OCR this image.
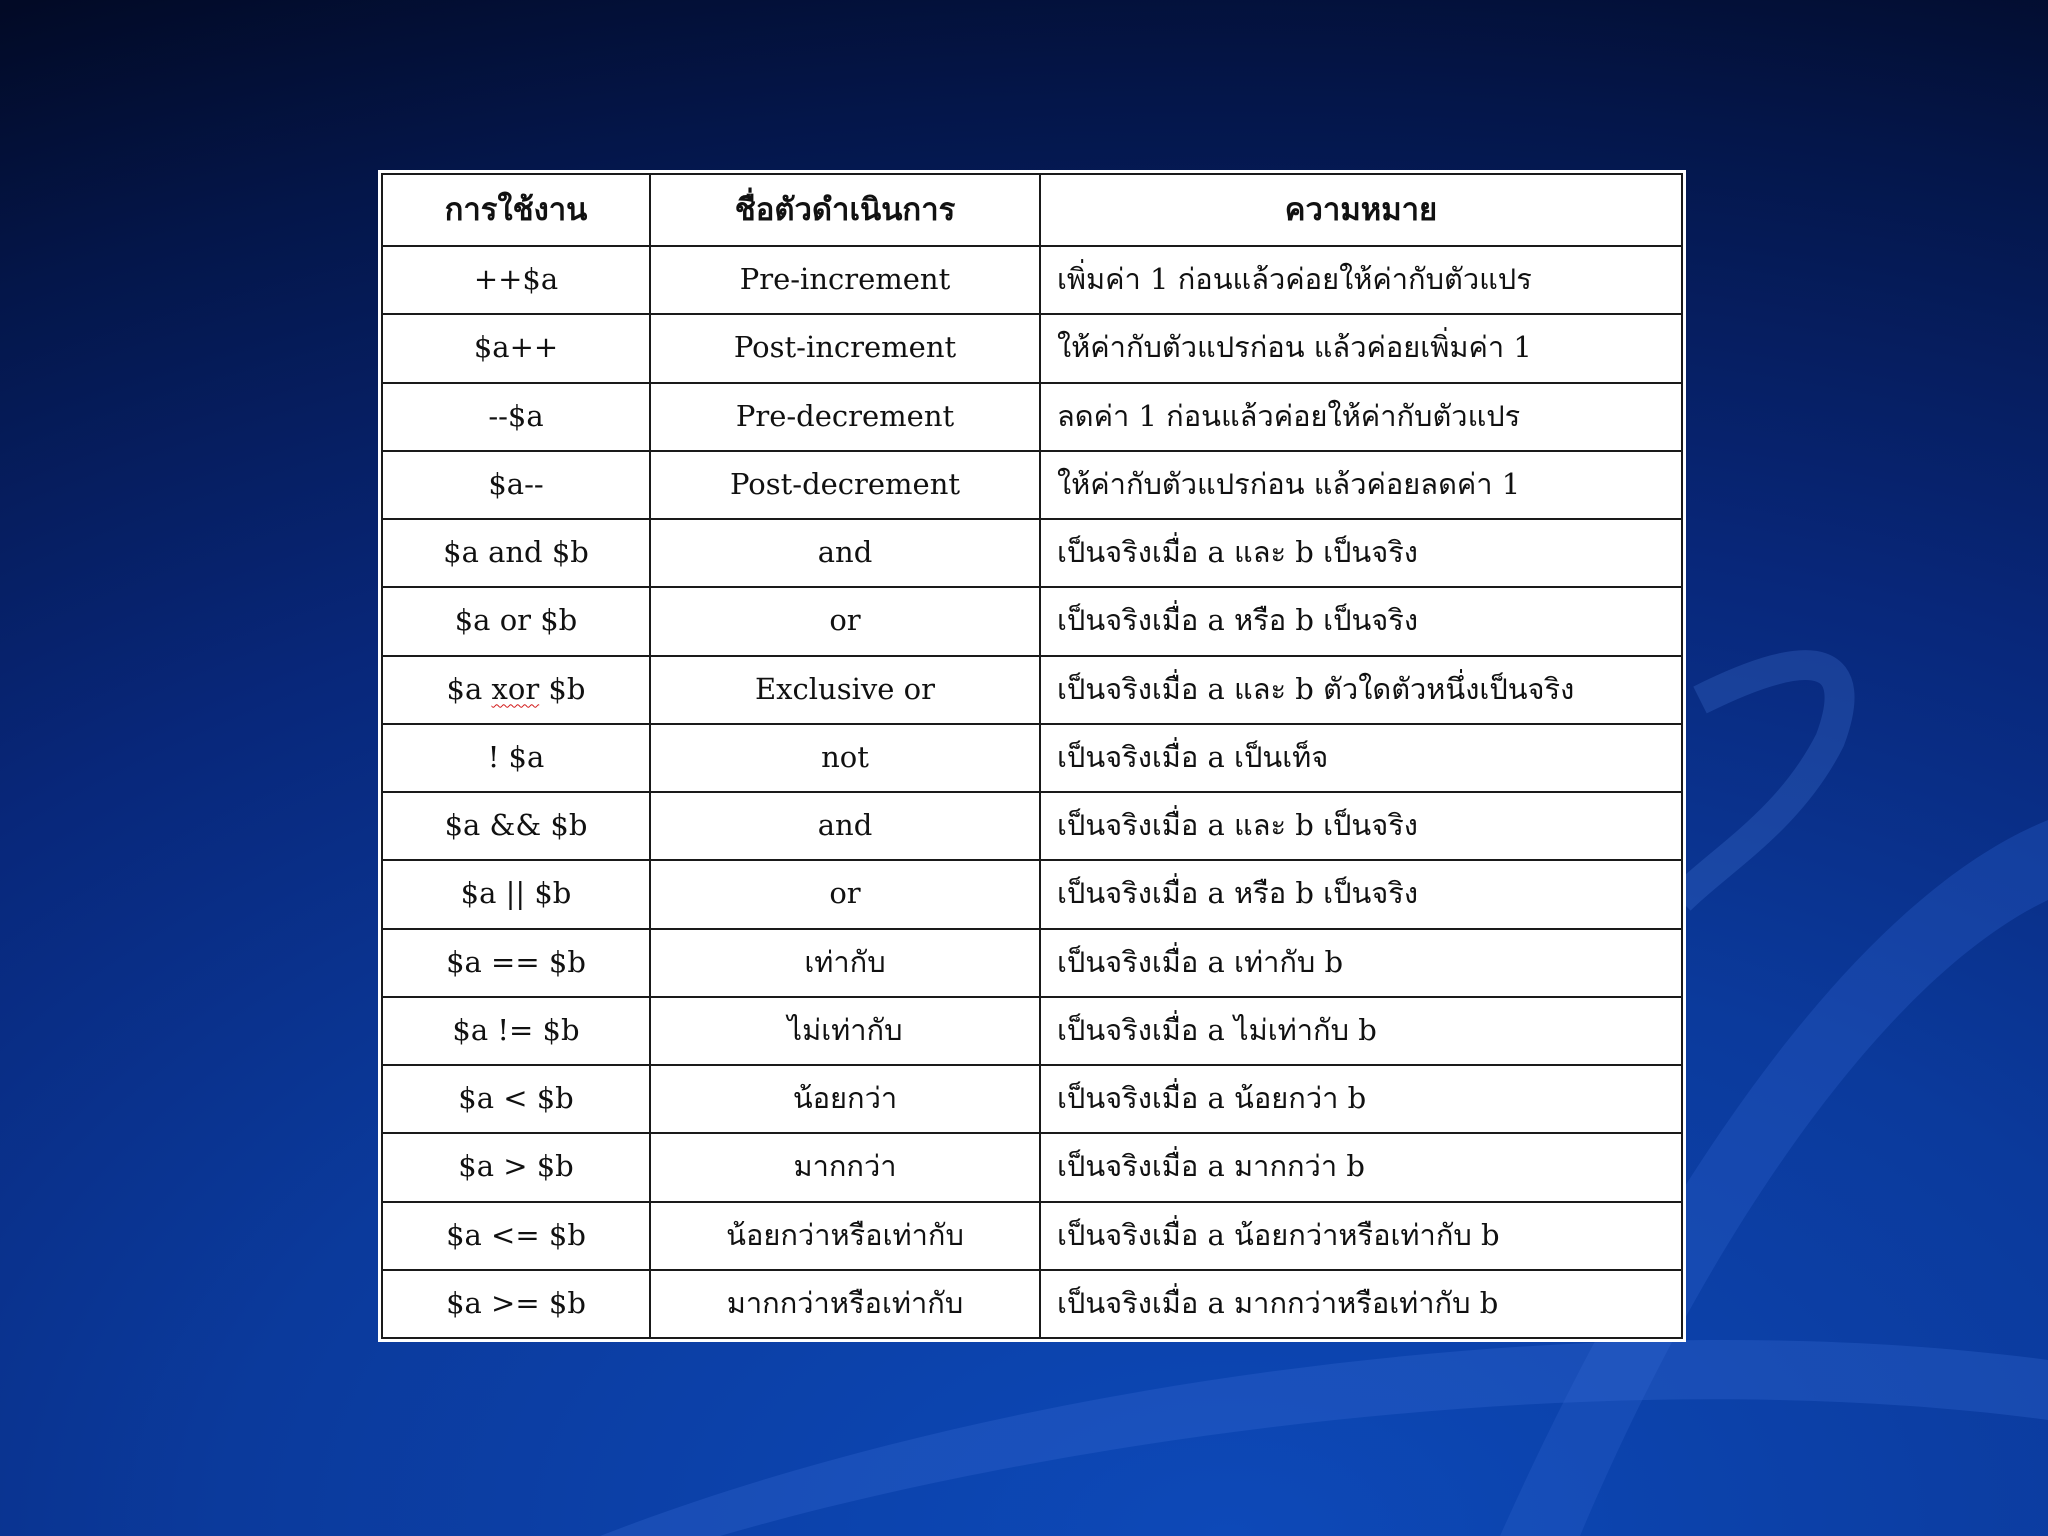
การใช้งาน	ชื่อตัวดำเนินการ	ความหมาย
++$a	Pre-increment	เพิ่มค่า 1 ก่อนแล้วค่อยให้ค่ากับตัวแปร
$a++	Post-increment	ให้ค่ากับตัวแปรก่อน แล้วค่อยเพิ่มค่า 1
--$a	Pre-decrement	ลดค่า 1 ก่อนแล้วค่อยให้ค่ากับตัวแปร
$a--	Post-decrement	ให้ค่ากับตัวแปรก่อน แล้วค่อยลดค่า 1
$a and $b	and	เป็นจริงเมื่อ a และ b เป็นจริง
$a or $b	or	เป็นจริงเมื่อ a หรือ b เป็นจริง
$a xor $b	Exclusive or	เป็นจริงเมื่อ a และ b ตัวใดตัวหนึ่งเป็นจริง
! $a	not	เป็นจริงเมื่อ a เป็นเท็จ
$a && $b	and	เป็นจริงเมื่อ a และ b เป็นจริง
$a || $b	or	เป็นจริงเมื่อ a หรือ b เป็นจริง
$a == $b	เท่ากับ	เป็นจริงเมื่อ a เท่ากับ b
$a != $b	ไม่เท่ากับ	เป็นจริงเมื่อ a ไม่เท่ากับ b
$a < $b	น้อยกว่า	เป็นจริงเมื่อ a น้อยกว่า b
$a > $b	มากกว่า	เป็นจริงเมื่อ a มากกว่า b
$a <= $b	น้อยกว่าหรือเท่ากับ	เป็นจริงเมื่อ a น้อยกว่าหรือเท่ากับ b
$a >= $b	มากกว่าหรือเท่ากับ	เป็นจริงเมื่อ a มากกว่าหรือเท่ากับ b
